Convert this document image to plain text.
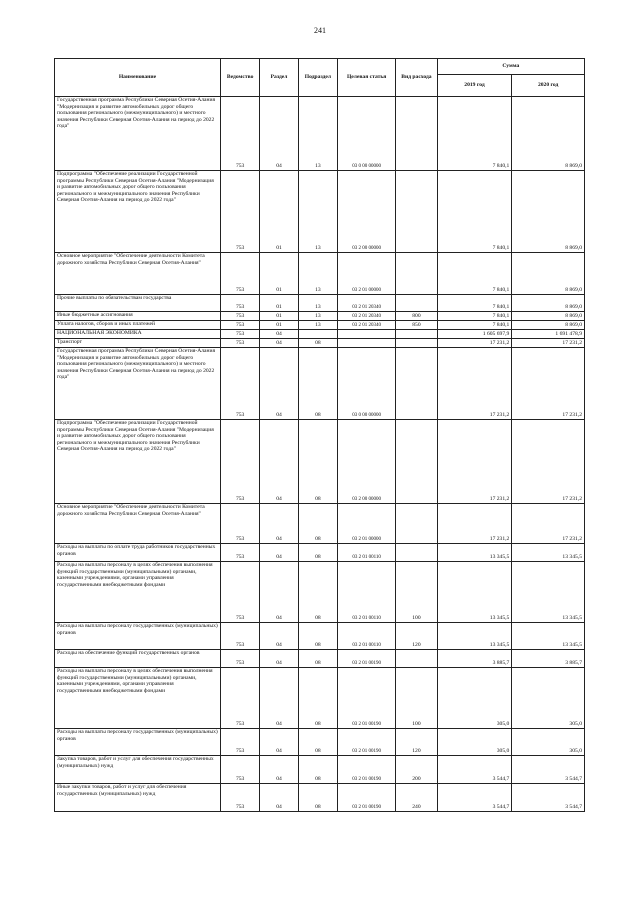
241
Наименование	Ведомство	Раздел	Подраздел	Целевая статья	Вид расхода	Сумма	
						2019 год	2020 год
Государственная программа Республики Северная Осетия-Алания "Модернизация и развитие автомобильных дорог общего пользования регионального (межмуниципального) и местного значения Республики Северная Осетия-Алания на период до 2022 года"	753	04	13	03 0 00 00000		7 840,1	8 869,0
Подпрограмма "Обеспечение реализации Государственной программы Республики Северная Осетия-Алания "Модернизация и развитие автомобильных дорог общего пользования регионального и межмуниципального значения Республики Северная Осетия-Алания на период до 2022 года"	753	01	13	03 2 00 00000		7 840,1	8 869,0
Основное мероприятие "Обеспечение деятельности Комитета дорожного хозяйства Республики Северная Осетия-Алания"	753	01	13	03 2 01 00000		7 840,1	8 869,0
Прочие выплаты по обязательствам государства	753	01	13	03 2 01 20340		7 840,1	8 869,0
Иные бюджетные ассигнования	753	01	13	03 2 01 20340	800	7 840,1	8 869,0
Уплата налогов, сборов и иных платежей	753	01	13	03 2 01 20340	850	7 840,1	8 869,0
НАЦИОНАЛЬНАЯ ЭКОНОМИКА	753	04				1 605 697,9	1 691 478,9
Транспорт	753	04	08			17 231,2	17 231,2
Государственная программа Республики Северная Осетия-Алания "Модернизация и развитие автомобильных дорог общего пользования регионального (межмуниципального) и местного значения Республики Северная Осетия-Алания на период до 2022 года"	753	04	08	03 0 00 00000		17 231,2	17 231,2
Подпрограмма "Обеспечение реализации Государственной программы Республики Северная Осетия-Алания "Модернизация и развитие автомобильных дорог общего пользования регионального и межмуниципального значения Республики Северная Осетия-Алания на период до 2022 года"	753	04	08	03 2 00 00000		17 231,2	17 231,2
Основное мероприятие "Обеспечение деятельности Комитета дорожного хозяйства Республики Северная Осетия-Алания"	753	04	08	03 2 01 00000		17 231,2	17 231,2
Расходы на выплаты по оплате труда работников государственных органов	753	04	08	03 2 01 00110		13 345,5	13 345,5
Расходы на выплаты персоналу в целях обеспечения выполнения функций государственными (муниципальными) органами, казенными учреждениями, органами управления государственными внебюджетными фондами	753	04	08	03 2 01 00110	100	13 345,5	13 345,5
Расходы на выплаты персоналу государственных (муниципальных) органов	753	04	08	03 2 01 00110	120	13 345,5	13 345,5
Расходы на обеспечение функций государственных органов	753	04	08	03 2 01 00190		3 885,7	3 885,7
Расходы на выплаты персоналу в целях обеспечения выполнения функций государственными (муниципальными) органами, казенными учреждениями, органами управления государственными внебюджетными фондами	753	04	08	03 2 01 00190	100	305,0	305,0
Расходы на выплаты персоналу государственных (муниципальных) органов	753	04	08	03 2 01 00190	120	305,0	305,0
Закупка товаров, работ и услуг для обеспечения государственных (муниципальных) нужд	753	04	08	03 2 01 00190	200	3 544,7	3 544,7
Иные закупки товаров, работ и услуг для обеспечения государственных (муниципальных) нужд	753	04	08	03 2 01 00190	240	3 544,7	3 544,7
